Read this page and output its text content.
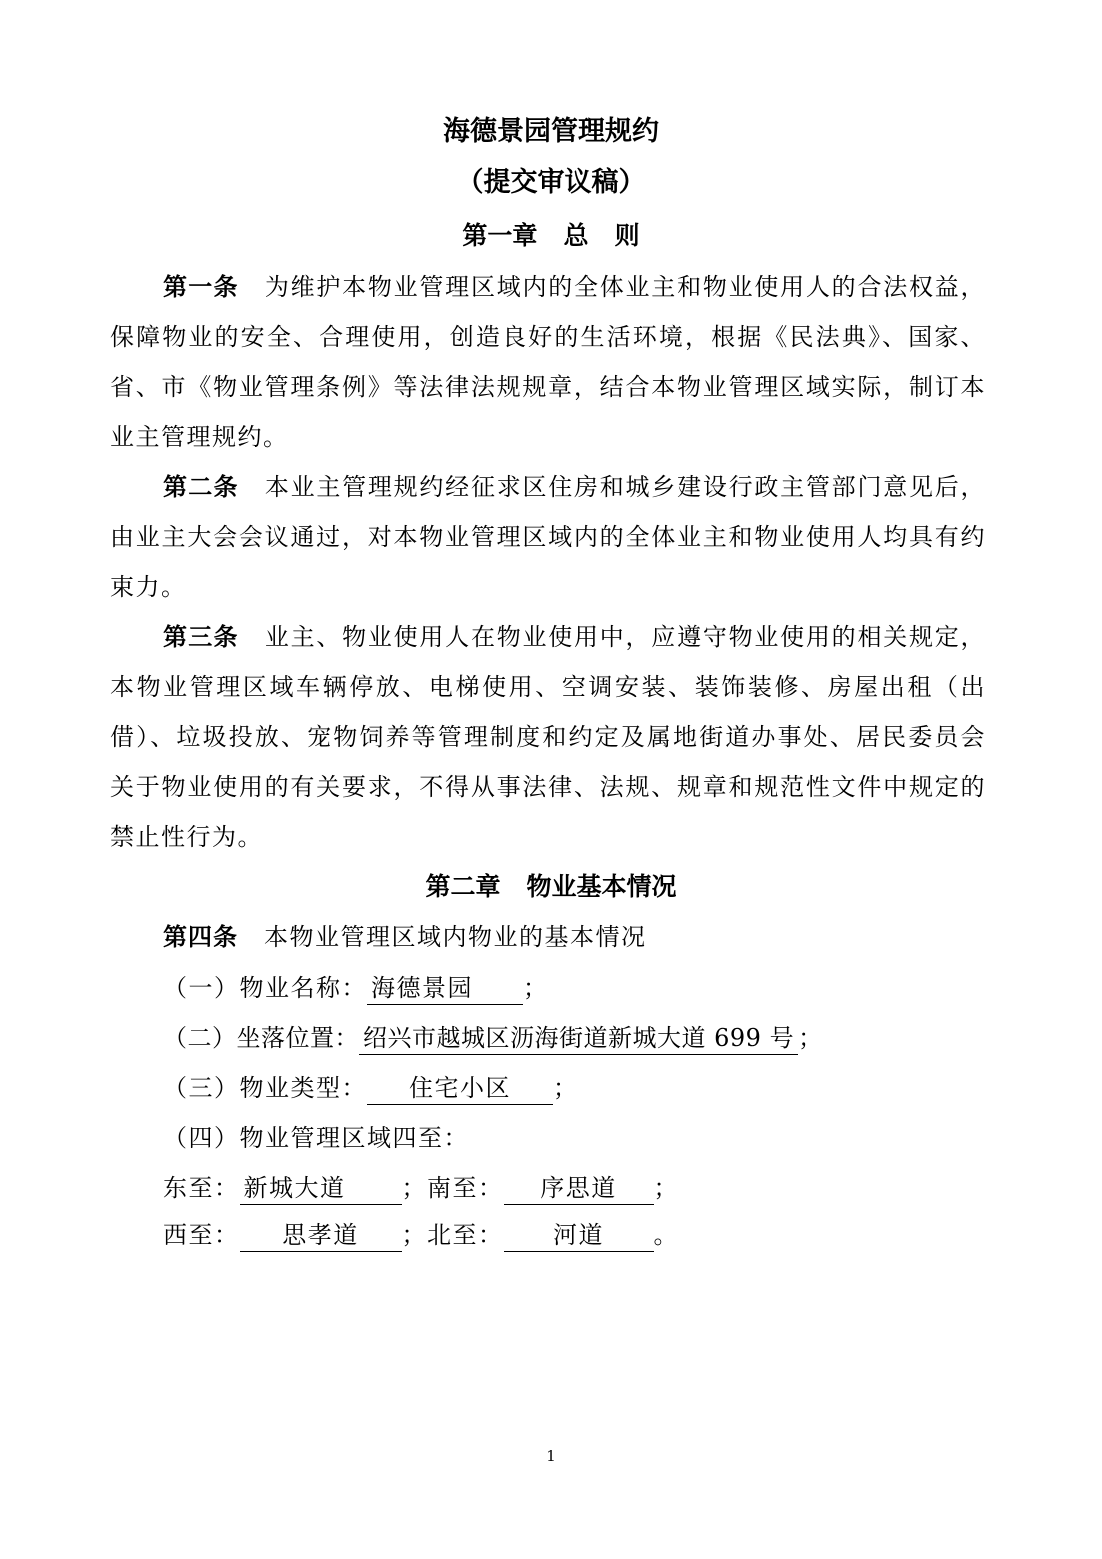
海德景园管理规约
（提交审议稿）
第一章   总   则

第一条 为维护本物业管理区域内的全体业主和物业使用人的合法权益，保障物业的安全、合理使用，创造良好的生活环境，根据《民法典》、国家、省、市《物业管理条例》等法律法规规章，结合本物业管理区域实际，制订本业主管理规约。

第二条 本业主管理规约经征求区住房和城乡建设行政主管部门意见后，由业主大会会议通过，对本物业管理区域内的全体业主和物业使用人均具有约束力。

第三条 业主、物业使用人在物业使用中，应遵守物业使用的相关规定，本物业管理区域车辆停放、电梯使用、空调安装、装饰装修、房屋出租（出借）、垃圾投放、宠物饲养等管理制度和约定及属地街道办事处、居民委员会关于物业使用的有关要求，不得从事法律、法规、规章和规范性文件中规定的禁止性行为。

第二章   物业基本情况

第四条 本物业管理区域内物业的基本情况

（一）物业名称： 海德景园 ；

（二）坐落位置： 绍兴市越城区沥海街道新城大道 699 号 ；

（三）物业类型： 住宅小区 ；

（四）物业管理区域四至：

东至： 新城大道 ；南至： 序思道 ；

西至： 思孝道 ；北至： 河道 。

1
